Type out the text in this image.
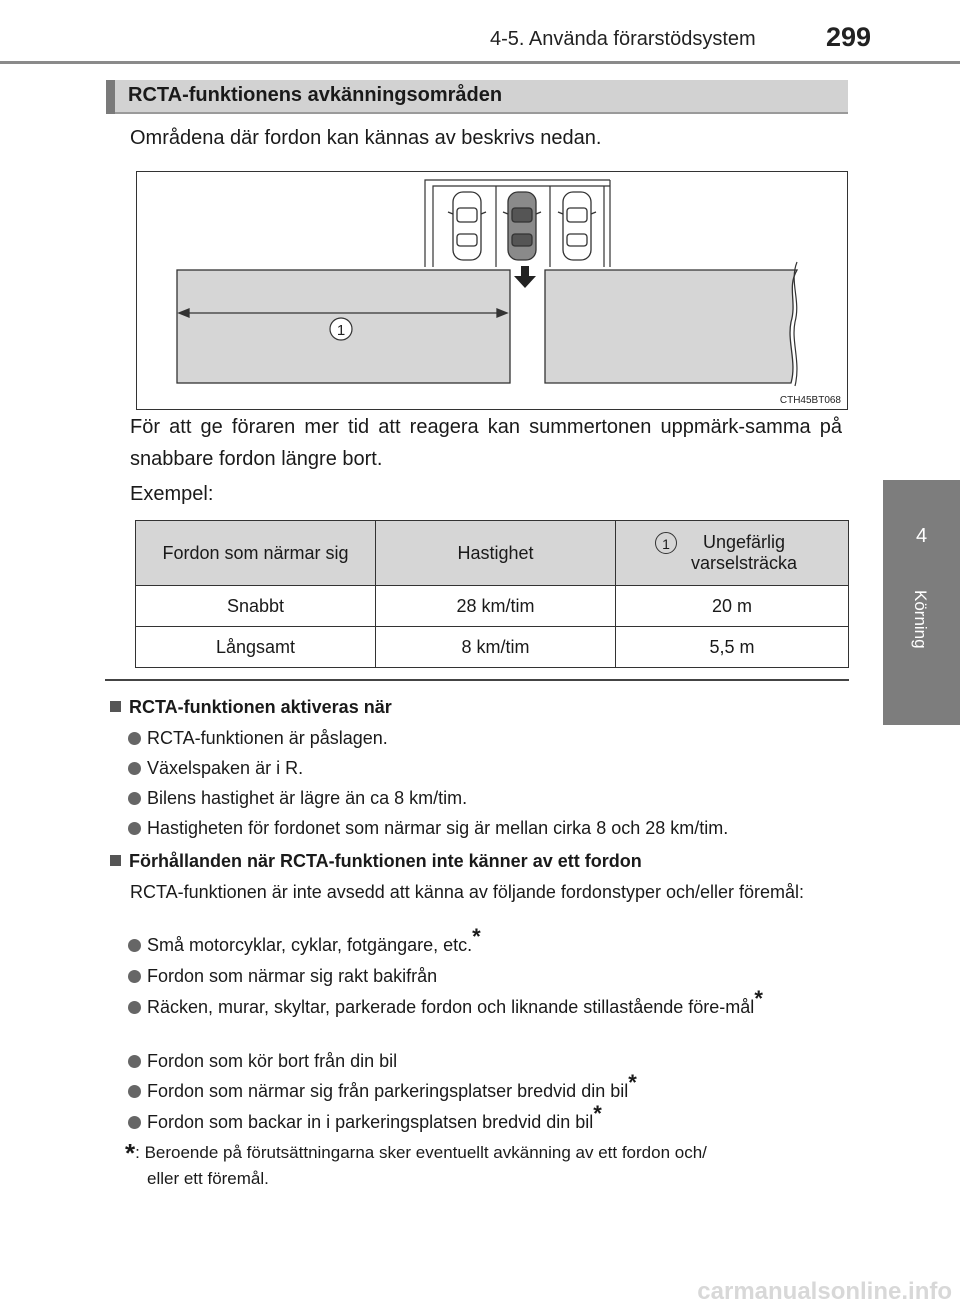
4-5. Använda förarstödsystem	299
4
Körning
RCTA-funktionens avkänningsområden
Områdena där fordon kan kännas av beskrivs nedan.
1
CTH45BT068
För att ge föraren mer tid att reagera kan summertonen uppmärk-samma på snabbare fordon längre bort.
Exempel:
Fordon som närmar sig	Hastighet	1 Ungefärlig varselsträcka
Snabbt	28 km/tim	20 m
Långsamt	8 km/tim	5,5 m
RCTA-funktionen aktiveras när
RCTA-funktionen är påslagen.
Växelspaken är i R.
Bilens hastighet är lägre än ca 8 km/tim.
Hastigheten för fordonet som närmar sig är mellan cirka 8 och 28 km/tim.
Förhållanden när RCTA-funktionen inte känner av ett fordon
RCTA-funktionen är inte avsedd att känna av följande fordonstyper och/eller föremål:
Små motorcyklar, cyklar, fotgängare, etc.*
Fordon som närmar sig rakt bakifrån
Räcken, murar, skyltar, parkerade fordon och liknande stillastående före-mål*
Fordon som kör bort från din bil
Fordon som närmar sig från parkeringsplatser bredvid din bil*
Fordon som backar in i parkeringsplatsen bredvid din bil*
*: Beroende på förutsättningarna sker eventuellt avkänning av ett fordon och/
eller ett föremål.
carmanualsonline.info
